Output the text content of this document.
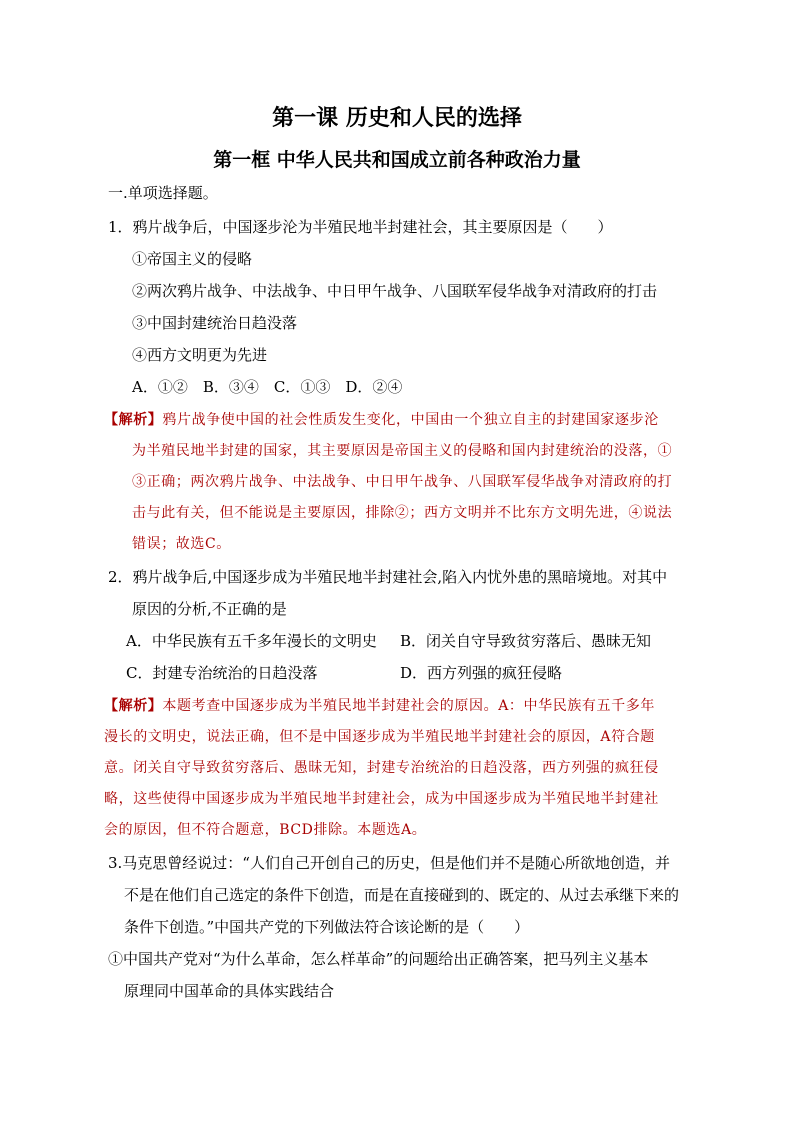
第一课 历史和人民的选择
第一框 中华人民共和国成立前各种政治力量
一.单项选择题。
1．鸦片战争后，中国逐步沦为半殖民地半封建社会，其主要原因是（　　）
①帝国主义的侵略
②两次鸦片战争、中法战争、中日甲午战争、八国联军侵华战争对清政府的打击
③中国封建统治日趋没落
④西方文明更为先进
A．①②　B．③④　C．①③　D．②④
【解析】鸦片战争使中国的社会性质发生变化，中国由一个独立自主的封建国家逐步沦
为半殖民地半封建的国家，其主要原因是帝国主义的侵略和国内封建统治的没落，①
③正确；两次鸦片战争、中法战争、中日甲午战争、八国联军侵华战争对清政府的打
击与此有关，但不能说是主要原因，排除②；西方文明并不比东方文明先进，④说法
错误；故选C。
2．鸦片战争后,中国逐步成为半殖民地半封建社会,陷入内忧外患的黑暗境地。对其中
原因的分析,不正确的是
A．中华民族有五千多年漫长的文明史 B．闭关自守导致贫穷落后、愚昧无知
C．封建专治统治的日趋没落	D．西方列强的疯狂侵略
【解析】本题考查中国逐步成为半殖民地半封建社会的原因。A：中华民族有五千多年
漫长的文明史，说法正确，但不是中国逐步成为半殖民地半封建社会的原因，A符合题
意。闭关自守导致贫穷落后、愚昧无知，封建专治统治的日趋没落，西方列强的疯狂侵
略，这些使得中国逐步成为半殖民地半封建社会，成为中国逐步成为半殖民地半封建社
会的原因，但不符合题意，BCD排除。本题选A。
3.马克思曾经说过：“人们自己开创自己的历史，但是他们并不是随心所欲地创造，并
不是在他们自己选定的条件下创造，而是在直接碰到的、既定的、从过去承继下来的
条件下创造。”中国共产党的下列做法符合该论断的是（　　）
①中国共产党对“为什么革命，怎么样革命”的问题给出正确答案，把马列主义基本
原理同中国革命的具体实践结合
